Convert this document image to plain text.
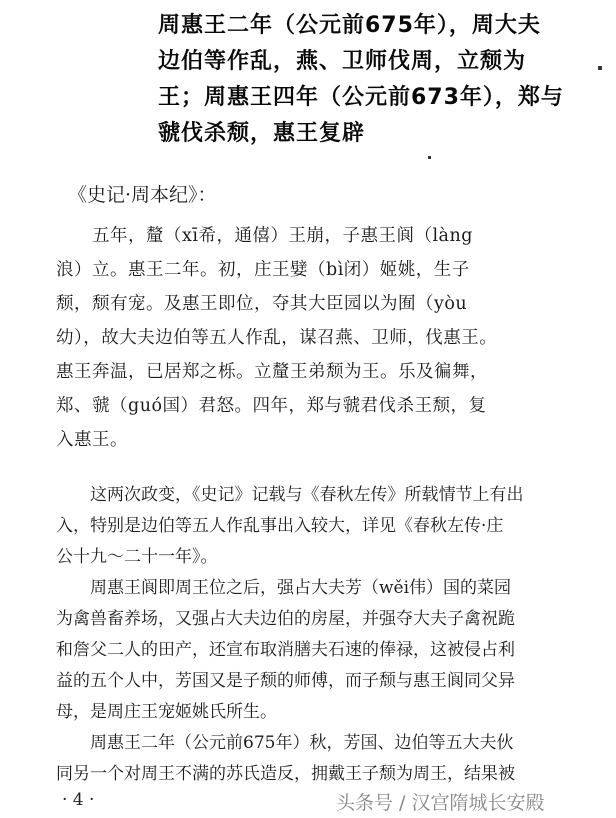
周惠王二年（公元前675年），周大夫

边伯等作乱，燕、卫师伐周，立颓为

王；周惠王四年（公元前673年），郑与

虢伐杀颓，惠王复辟

《史记·周本纪》：

五年，釐（xī希，通僖）王崩，子惠王阆（làng

浪）立。惠王二年。初，庄王嬖（bì闭）姬姚，生子

颓，颓有宠。及惠王即位，夺其大臣园以为囿（yòu

幼），故大夫边伯等五人作乱，谋召燕、卫师，伐惠王。

惠王奔温，已居郑之栎。立釐王弟颓为王。乐及徧舞，

郑、虢（guó国）君怒。四年，郑与虢君伐杀王颓，复

入惠王。

这两次政变，《史记》记载与《春秋左传》所载情节上有出

入，特别是边伯等五人作乱事出入较大，详见《春秋左传·庄

公十九～二十一年》。

周惠王阆即周王位之后，强占大夫芳（wěi伟）国的菜园

为禽兽畜养场，又强占大夫边伯的房屋，并强夺大夫子禽祝跪

和詹父二人的田产，还宣布取消膳夫石速的俸禄，这被侵占利

益的五个人中，芳国又是子颓的师傅，而子颓与惠王阆同父异

母，是周庄王宠姬姚氏所生。

周惠王二年（公元前675年）秋，芳国、边伯等五大夫伙

同另一个对周王不满的苏氏造反，拥戴王子颓为周王，结果被

· 4 ·	头条号 / 汉宫隋城长安殿
